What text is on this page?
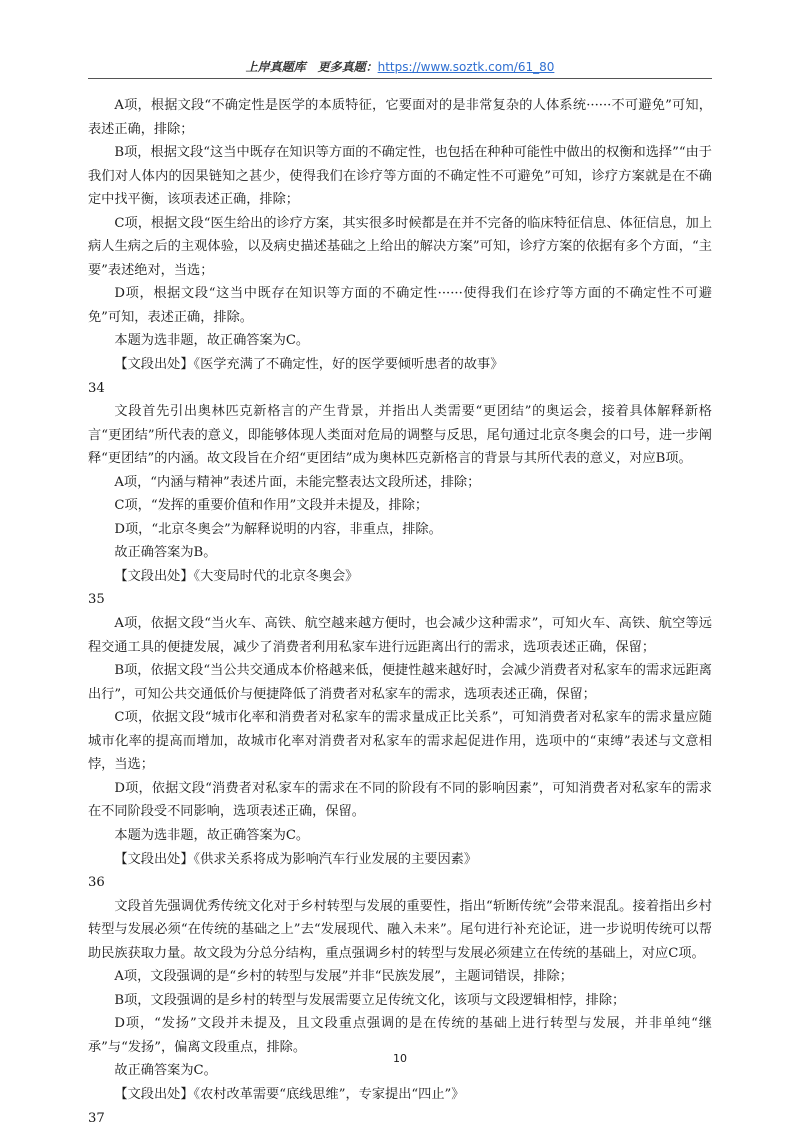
上岸真题库　更多真题：https://www.soztk.com/61_80

A项，根据文段“不确定性是医学的本质特征，它要面对的是非常复杂的人体系统······不可避免”可知，表述正确，排除；

B项，根据文段“这当中既存在知识等方面的不确定性，也包括在种种可能性中做出的权衡和选择”“由于我们对人体内的因果链知之甚少，使得我们在诊疗等方面的不确定性不可避免”可知，诊疗方案就是在不确定中找平衡，该项表述正确，排除；

C项，根据文段“医生给出的诊疗方案，其实很多时候都是在并不完备的临床特征信息、体征信息，加上病人生病之后的主观体验，以及病史描述基础之上给出的解决方案”可知，诊疗方案的依据有多个方面，“主要”表述绝对，当选；

D项，根据文段“这当中既存在知识等方面的不确定性······使得我们在诊疗等方面的不确定性不可避免”可知，表述正确，排除。

本题为选非题，故正确答案为C。

【文段出处】《医学充满了不确定性，好的医学要倾听患者的故事》

34

文段首先引出奥林匹克新格言的产生背景，并指出人类需要“更团结”的奥运会，接着具体解释新格言“更团结”所代表的意义，即能够体现人类面对危局的调整与反思，尾句通过北京冬奥会的口号，进一步阐释“更团结”的内涵。故文段旨在介绍“更团结”成为奥林匹克新格言的背景与其所代表的意义，对应B项。

A项，“内涵与精神”表述片面，未能完整表达文段所述，排除；

C项，“发挥的重要价值和作用”文段并未提及，排除；

D项，“北京冬奥会”为解释说明的内容，非重点，排除。

故正确答案为B。

【文段出处】《大变局时代的北京冬奥会》

35

A项，依据文段“当火车、高铁、航空越来越方便时，也会减少这种需求”，可知火车、高铁、航空等远程交通工具的便捷发展，减少了消费者利用私家车进行远距离出行的需求，选项表述正确，保留；

B项，依据文段“当公共交通成本价格越来低，便捷性越来越好时，会减少消费者对私家车的需求远距离出行”，可知公共交通低价与便捷降低了消费者对私家车的需求，选项表述正确，保留；

C项，依据文段“城市化率和消费者对私家车的需求量成正比关系”，可知消费者对私家车的需求量应随城市化率的提高而增加，故城市化率对消费者对私家车的需求起促进作用，选项中的“束缚”表述与文意相悖，当选；

D项，依据文段“消费者对私家车的需求在不同的阶段有不同的影响因素”，可知消费者对私家车的需求在不同阶段受不同影响，选项表述正确，保留。

本题为选非题，故正确答案为C。

【文段出处】《供求关系将成为影响汽车行业发展的主要因素》

36

文段首先强调优秀传统文化对于乡村转型与发展的重要性，指出“斩断传统”会带来混乱。接着指出乡村转型与发展必须“在传统的基础之上”去“发展现代、融入未来”。尾句进行补充论证，进一步说明传统可以帮助民族获取力量。故文段为分总分结构，重点强调乡村的转型与发展必须建立在传统的基础上，对应C项。

A项，文段强调的是“乡村的转型与发展”并非“民族发展”，主题词错误，排除；

B项，文段强调的是乡村的转型与发展需要立足传统文化，该项与文段逻辑相悖，排除；

D项，“发扬”文段并未提及，且文段重点强调的是在传统的基础上进行转型与发展，并非单纯“继承”与“发扬”，偏离文段重点，排除。

故正确答案为C。

【文段出处】《农村改革需要“底线思维”，专家提出“四止”》

37

10
